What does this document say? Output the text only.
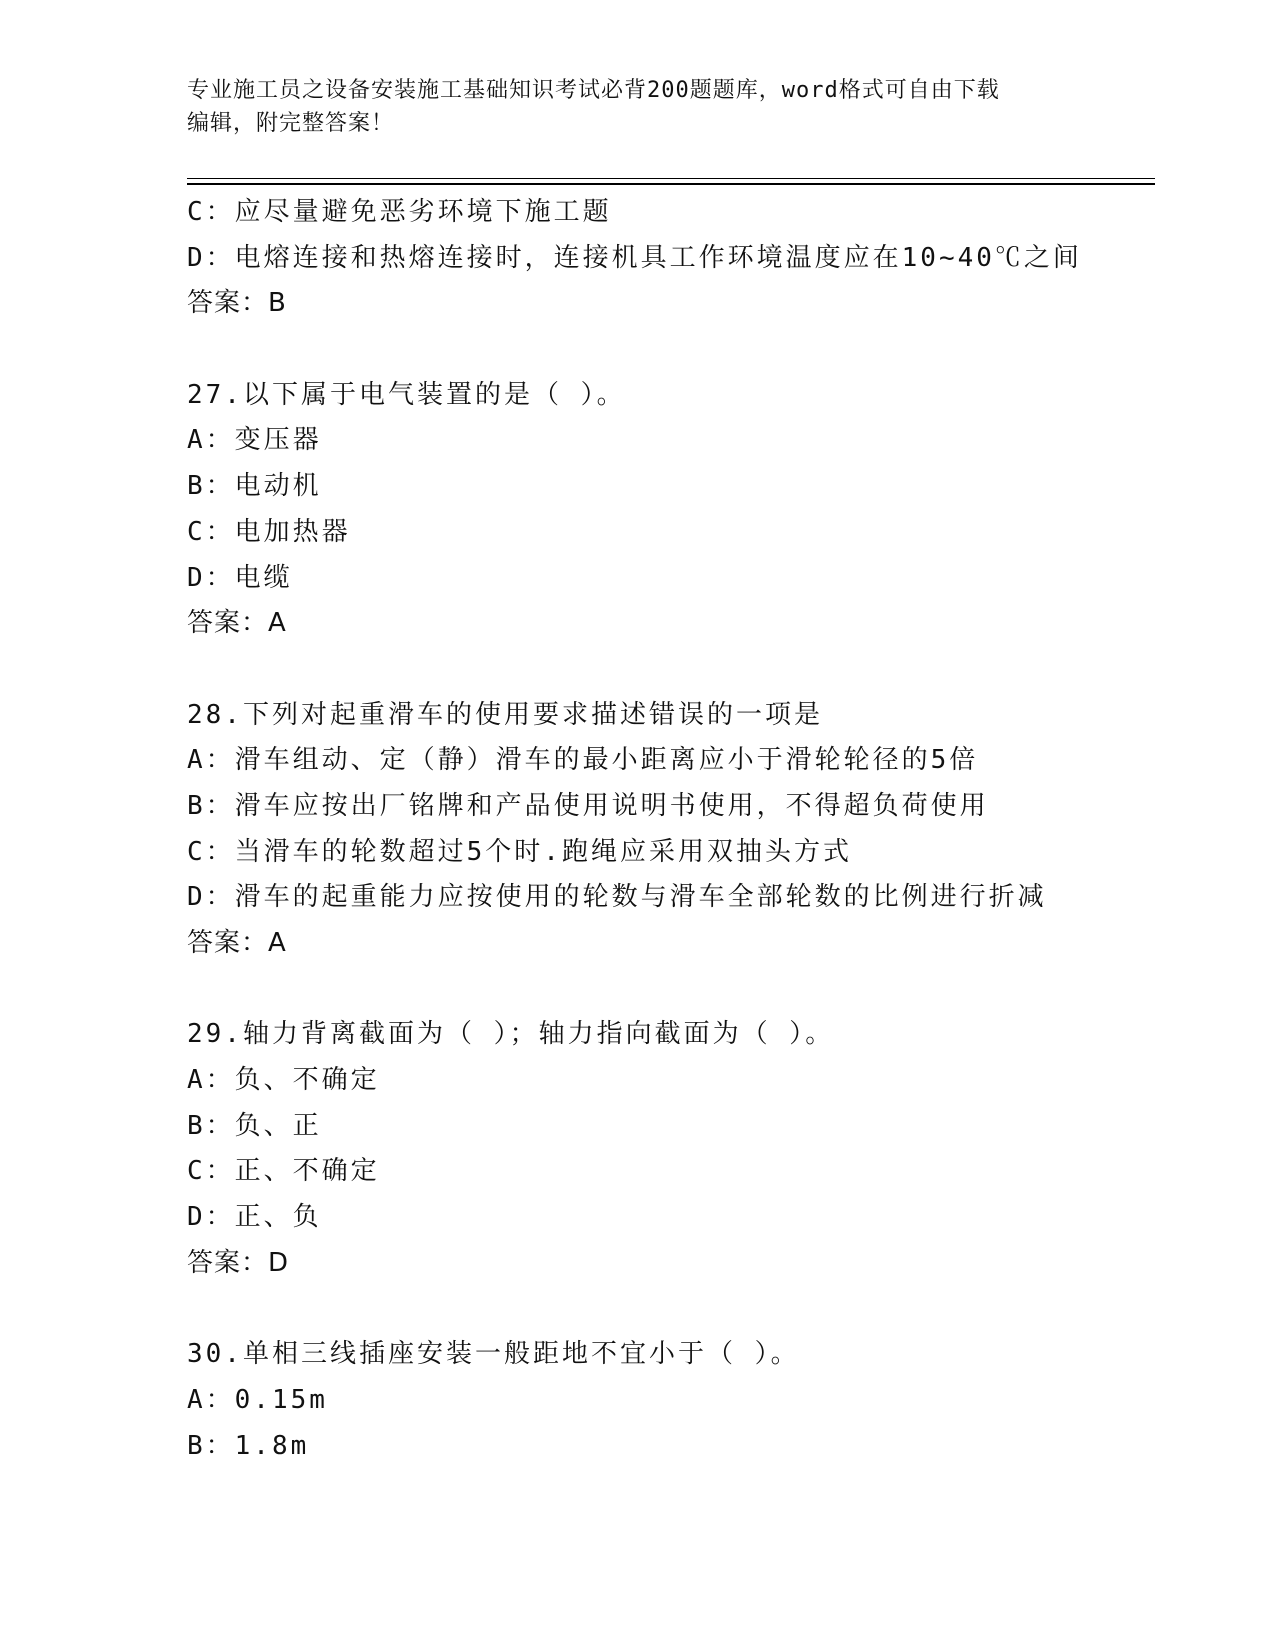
专业施工员之设备安装施工基础知识考试必背200题题库，word格式可自由下载
编辑，附完整答案！
C：应尽量避免恶劣环境下施工题
D：电熔连接和热熔连接时，连接机具工作环境温度应在10~40℃之间
答案：B
27.以下属于电气装置的是（ ）。
A：变压器
B：电动机
C：电加热器
D：电缆
答案：A
28.下列对起重滑车的使用要求描述错误的一项是
A：滑车组动、定（静）滑车的最小距离应小于滑轮轮径的5倍
B：滑车应按出厂铭牌和产品使用说明书使用，不得超负荷使用
C：当滑车的轮数超过5个时.跑绳应采用双抽头方式
D：滑车的起重能力应按使用的轮数与滑车全部轮数的比例进行折减
答案：A
29.轴力背离截面为（ ）；轴力指向截面为（ ）。
A：负、不确定
B：负、正
C：正、不确定
D：正、负
答案：D
30.单相三线插座安装一般距地不宜小于（ ）。
A：0.15m
B：1.8m
